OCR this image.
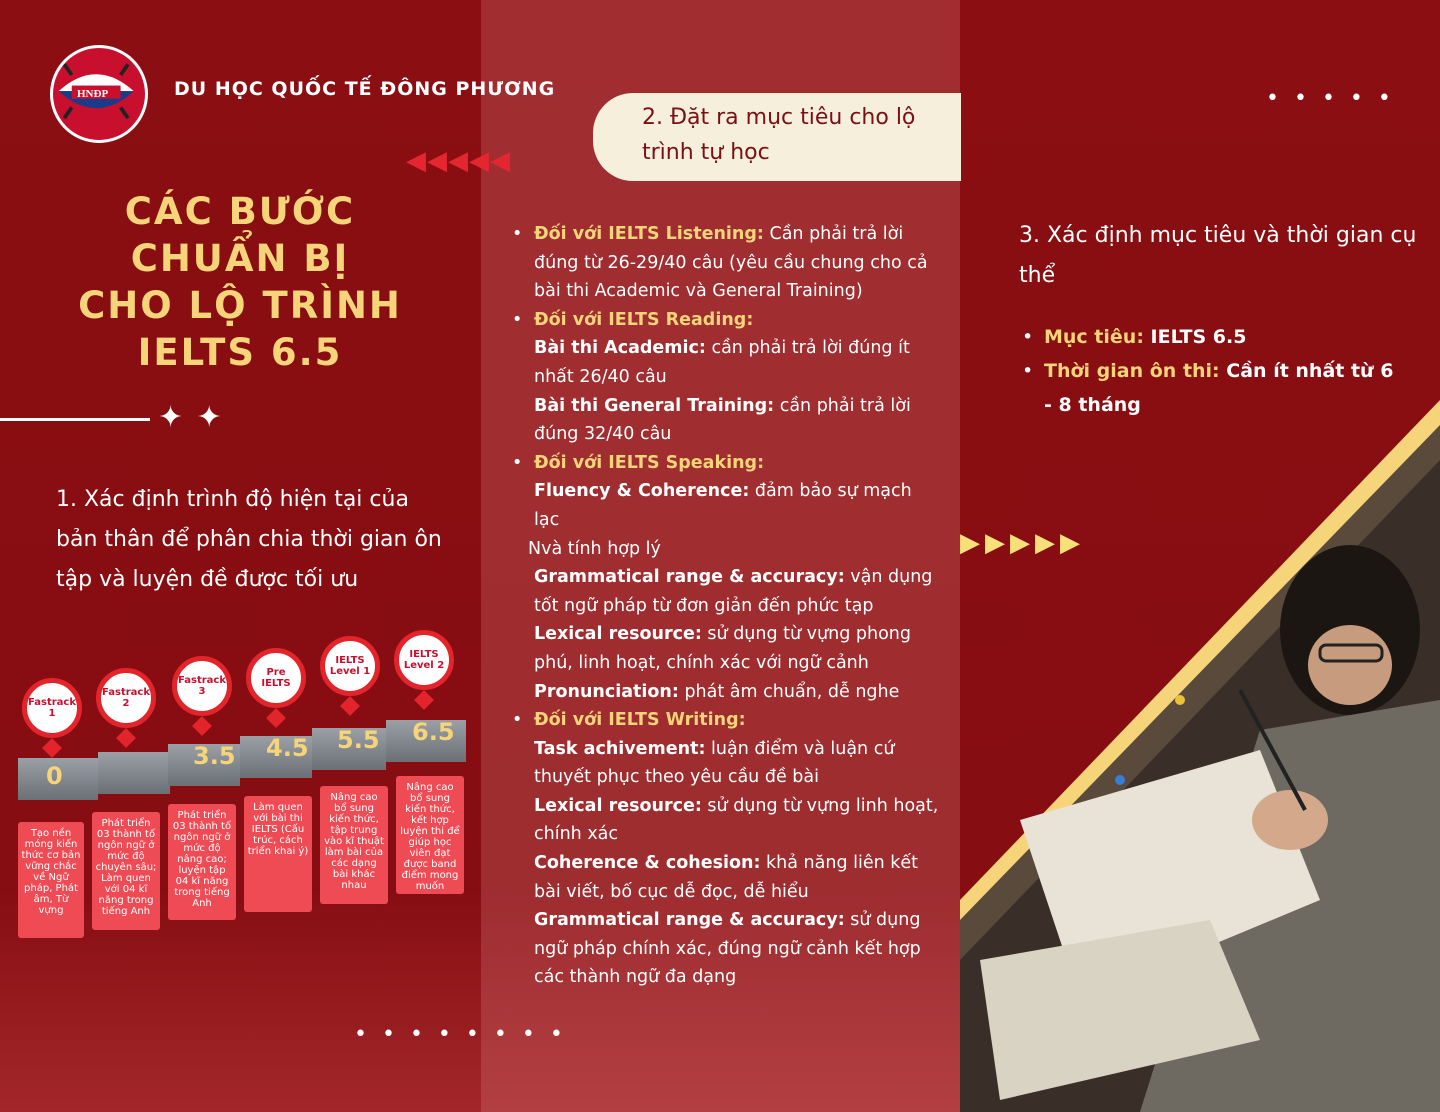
◀◀◀◀◀
▶▶▶▶▶
HNĐP	DU HỌC QUỐC TẾ ĐÔNG PHƯƠNG
CÁC BƯỚC
CHUẨN BỊ
CHO LỘ TRÌNH
IELTS 6.5
✦ ✦
1. Xác định trình độ hiện tại của bản thân để phân chia thời gian ôn tập và luyện đề được tối ưu
0
3.5 4.5 5.5 6.5
Fastrack 1
Fastrack 2
Fastrack 3
Pre IELTS
IELTS Level 1
IELTS Level 2
Tạo nền móng kiến thức cơ bản vững chắc về Ngữ pháp, Phát âm, Từ vựng
Phát triển 03 thành tố ngôn ngữ ở mức độ chuyên sâu; Làm quen với 04 kĩ năng trong tiếng Anh
Phát triển 03 thành tố ngôn ngữ ở mức độ nâng cao; luyện tập 04 kĩ năng trong tiếng Anh
Làm quen với bài thi IELTS (Cấu trúc, cách triển khai ý)
Nâng cao bổ sung kiến thức, tập trung vào kĩ thuật làm bài của các dạng bài khác nhau
Nâng cao bổ sung kiến thức, kết hợp luyện thi để giúp học viên đạt được band điểm mong muốn
••••••••
2. Đặt ra mục tiêu cho lộ trình tự học
• Đối với IELTS Listening: Cần phải trả lời đúng từ 26-29/40 câu (yêu cầu chung cho cả bài thi Academic và General Training)
• Đối với IELTS Reading:
Bài thi Academic: cần phải trả lời đúng ít nhất 26/40 câu
Bài thi General Training: cần phải trả lời đúng 32/40 câu
• Đối với IELTS Speaking:
Fluency & Coherence: đảm bảo sự mạch lạc
Nvà tính hợp lý
Grammatical range & accuracy: vận dụng tốt ngữ pháp từ đơn giản đến phức tạp
Lexical resource: sử dụng từ vựng phong phú, linh hoạt, chính xác với ngữ cảnh
Pronunciation: phát âm chuẩn, dễ nghe
• Đối với IELTS Writing:
Task achivement: luận điểm và luận cứ thuyết phục theo yêu cầu đề bài
Lexical resource: sử dụng từ vựng linh hoạt, chính xác
Coherence & cohesion: khả năng liên kết bài viết, bố cục dễ đọc, dễ hiểu
Grammatical range & accuracy: sử dụng ngữ pháp chính xác, đúng ngữ cảnh kết hợp các thành ngữ đa dạng
•••••
3. Xác định mục tiêu và thời gian cụ thể
• Mục tiêu: IELTS 6.5
• Thời gian ôn thi: Cần ít nhất từ 6 - 8 tháng
